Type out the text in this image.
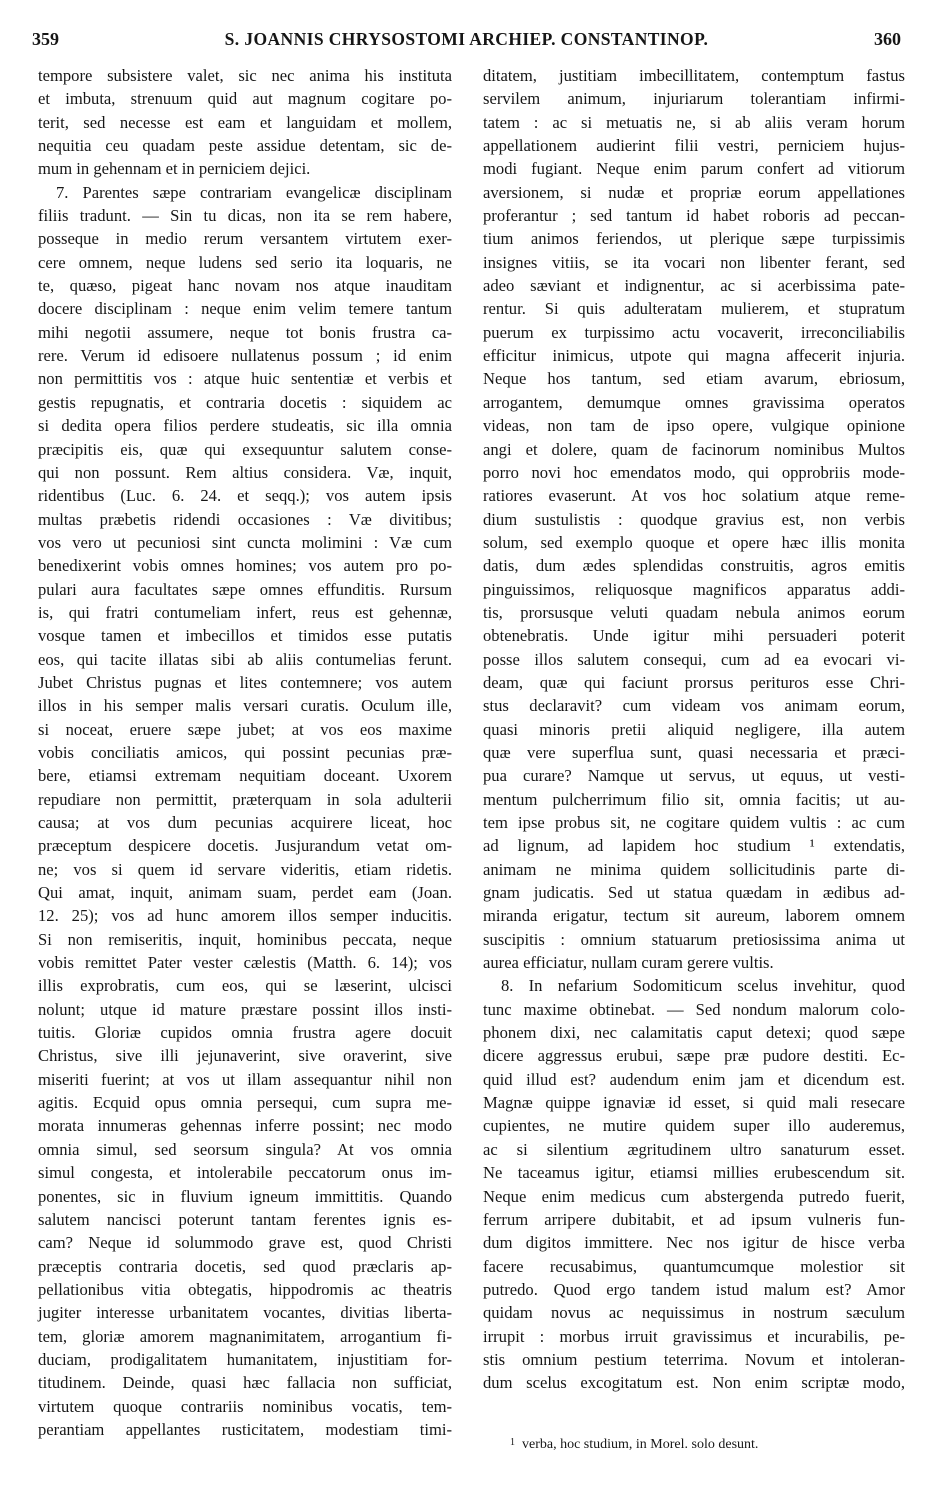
359	S. JOANNIS CHRYSOSTOMI ARCHIEP. CONSTANTINOP.	360
tempore subsistere valet, sic nec anima his instituta
et imbuta, strenuum quid aut magnum cogitare po-
terit, sed necesse est eam et languidam et mollem,
nequitia ceu quadam peste assidue detentam, sic de-
mum in gehennam et in perniciem dejici.
7. Parentes sæpe contrariam evangelicæ disciplinam
filiis tradunt. — Sin tu dicas, non ita se rem habere,
posseque in medio rerum versantem virtutem exer-
cere omnem, neque ludens sed serio ita loquaris, ne
te, quæso, pigeat hanc novam nos atque inauditam
docere disciplinam : neque enim velim temere tantum
mihi negotii assumere, neque tot bonis frustra ca-
rere. Verum id edisoere nullatenus possum ; id enim
non permittitis vos : atque huic sententiæ et verbis et
gestis repugnatis, et contraria docetis : siquidem ac
si dedita opera filios perdere studeatis, sic illa omnia
præcipitis eis, quæ qui exsequuntur salutem conse-
qui non possunt. Rem altius considera. Væ, inquit,
ridentibus (Luc. 6. 24. et seqq.); vos autem ipsis
multas præbetis ridendi occasiones : Væ divitibus;
vos vero ut pecuniosi sint cuncta molimini : Væ cum
benedixerint vobis omnes homines; vos autem pro po-
pulari aura facultates sæpe omnes effunditis. Rursum
is, qui fratri contumeliam infert, reus est gehennæ,
vosque tamen et imbecillos et timidos esse putatis
eos, qui tacite illatas sibi ab aliis contumelias ferunt.
Jubet Christus pugnas et lites contemnere; vos autem
illos in his semper malis versari curatis. Oculum ille,
si noceat, eruere sæpe jubet; at vos eos maxime
vobis conciliatis amicos, qui possint pecunias præ-
bere, etiamsi extremam nequitiam doceant. Uxorem
repudiare non permittit, præterquam in sola adulterii
causa; at vos dum pecunias acquirere liceat, hoc
præceptum despicere docetis. Jusjurandum vetat om-
ne; vos si quem id servare videritis, etiam ridetis.
Qui amat, inquit, animam suam, perdet eam (Joan.
12. 25); vos ad hunc amorem illos semper inducitis.
Si non remiseritis, inquit, hominibus peccata, neque
vobis remittet Pater vester cælestis (Matth. 6. 14); vos
illis exprobratis, cum eos, qui se læserint, ulcisci
nolunt; utque id mature præstare possint illos insti-
tuitis. Gloriæ cupidos omnia frustra agere docuit
Christus, sive illi jejunaverint, sive oraverint, sive
miseriti fuerint; at vos ut illam assequantur nihil non
agitis. Ecquid opus omnia persequi, cum supra me-
morata innumeras gehennas inferre possint; nec modo
omnia simul, sed seorsum singula? At vos omnia
simul congesta, et intolerabile peccatorum onus im-
ponentes, sic in fluvium igneum immittitis. Quando
salutem nancisci poterunt tantam ferentes ignis es-
cam? Neque id solummodo grave est, quod Christi
præceptis contraria docetis, sed quod præclaris ap-
pellationibus vitia obtegatis, hippodromis ac theatris
jugiter interesse urbanitatem vocantes, divitias liberta-
tem, gloriæ amorem magnanimitatem, arrogantium fi-
duciam, prodigalitatem humanitatem, injustitiam for-
titudinem. Deinde, quasi hæc fallacia non sufficiat,
virtutem quoque contrariis nominibus vocatis, tem-
perantiam appellantes rusticitatem, modestiam timi-
ditatem, justitiam imbecillitatem, contemptum fastus
servilem animum, injuriarum tolerantiam infirmi-
tatem : ac si metuatis ne, si ab aliis veram horum
appellationem audierint filii vestri, perniciem hujus-
modi fugiant. Neque enim parum confert ad vitiorum
aversionem, si nudæ et propriæ eorum appellationes
proferantur ; sed tantum id habet roboris ad peccan-
tium animos feriendos, ut plerique sæpe turpissimis
insignes vitiis, se ita vocari non libenter ferant, sed
adeo sæviant et indignentur, ac si acerbissima pate-
rentur. Si quis adulteratam mulierem, et stupratum
puerum ex turpissimo actu vocaverit, irreconciliabilis
efficitur inimicus, utpote qui magna affecerit injuria.
Neque hos tantum, sed etiam avarum, ebriosum,
arrogantem, demumque omnes gravissima operatos
videas, non tam de ipso opere, vulgique opinione
angi et dolere, quam de facinorum nominibus Multos
porro novi hoc emendatos modo, qui opprobriis mode-
ratiores evaserunt. At vos hoc solatium atque reme-
dium sustulistis : quodque gravius est, non verbis
solum, sed exemplo quoque et opere hæc illis monita
datis, dum ædes splendidas construitis, agros emitis
pinguissimos, reliquosque magnificos apparatus addi-
tis, prorsusque veluti quadam nebula animos eorum
obtenebratis. Unde igitur mihi persuaderi poterit
posse illos salutem consequi, cum ad ea evocari vi-
deam, quæ qui faciunt prorsus perituros esse Chri-
stus declaravit? cum videam vos animam eorum,
quasi minoris pretii aliquid negligere, illa autem
quæ vere superflua sunt, quasi necessaria et præci-
pua curare? Namque ut servus, ut equus, ut vesti-
mentum pulcherrimum filio sit, omnia facitis; ut au-
tem ipse probus sit, ne cogitare quidem vultis : ac cum
ad lignum, ad lapidem hoc studium ¹ extendatis,
animam ne minima quidem sollicitudinis parte di-
gnam judicatis. Sed ut statua quædam in ædibus ad-
miranda erigatur, tectum sit aureum, laborem omnem
suscipitis : omnium statuarum pretiosissima anima ut
aurea efficiatur, nullam curam gerere vultis.
8. In nefarium Sodomiticum scelus invehitur, quod
tunc maxime obtinebat. — Sed nondum malorum colo-
phonem dixi, nec calamitatis caput detexi; quod sæpe
dicere aggressus erubui, sæpe præ pudore destiti. Ec-
quid illud est? audendum enim jam et dicendum est.
Magnæ quippe ignaviæ id esset, si quid mali resecare
cupientes, ne mutire quidem super illo auderemus,
ac si silentium ægritudinem ultro sanaturum esset.
Ne taceamus igitur, etiamsi millies erubescendum sit.
Neque enim medicus cum abstergenda putredo fuerit,
ferrum arripere dubitabit, et ad ipsum vulneris fun-
dum digitos immittere. Nec nos igitur de hisce verba
facere recusabimus, quantumcumque molestior sit
putredo. Quod ergo tandem istud malum est? Amor
quidam novus ac nequissimus in nostrum sæculum
irrupit : morbus irruit gravissimus et incurabilis, pe-
stis omnium pestium teterrima. Novum et intoleran-
dum scelus excogitatum est. Non enim scriptæ modo,
$^1$ verba, hoc studium, in Morel. solo desunt.
